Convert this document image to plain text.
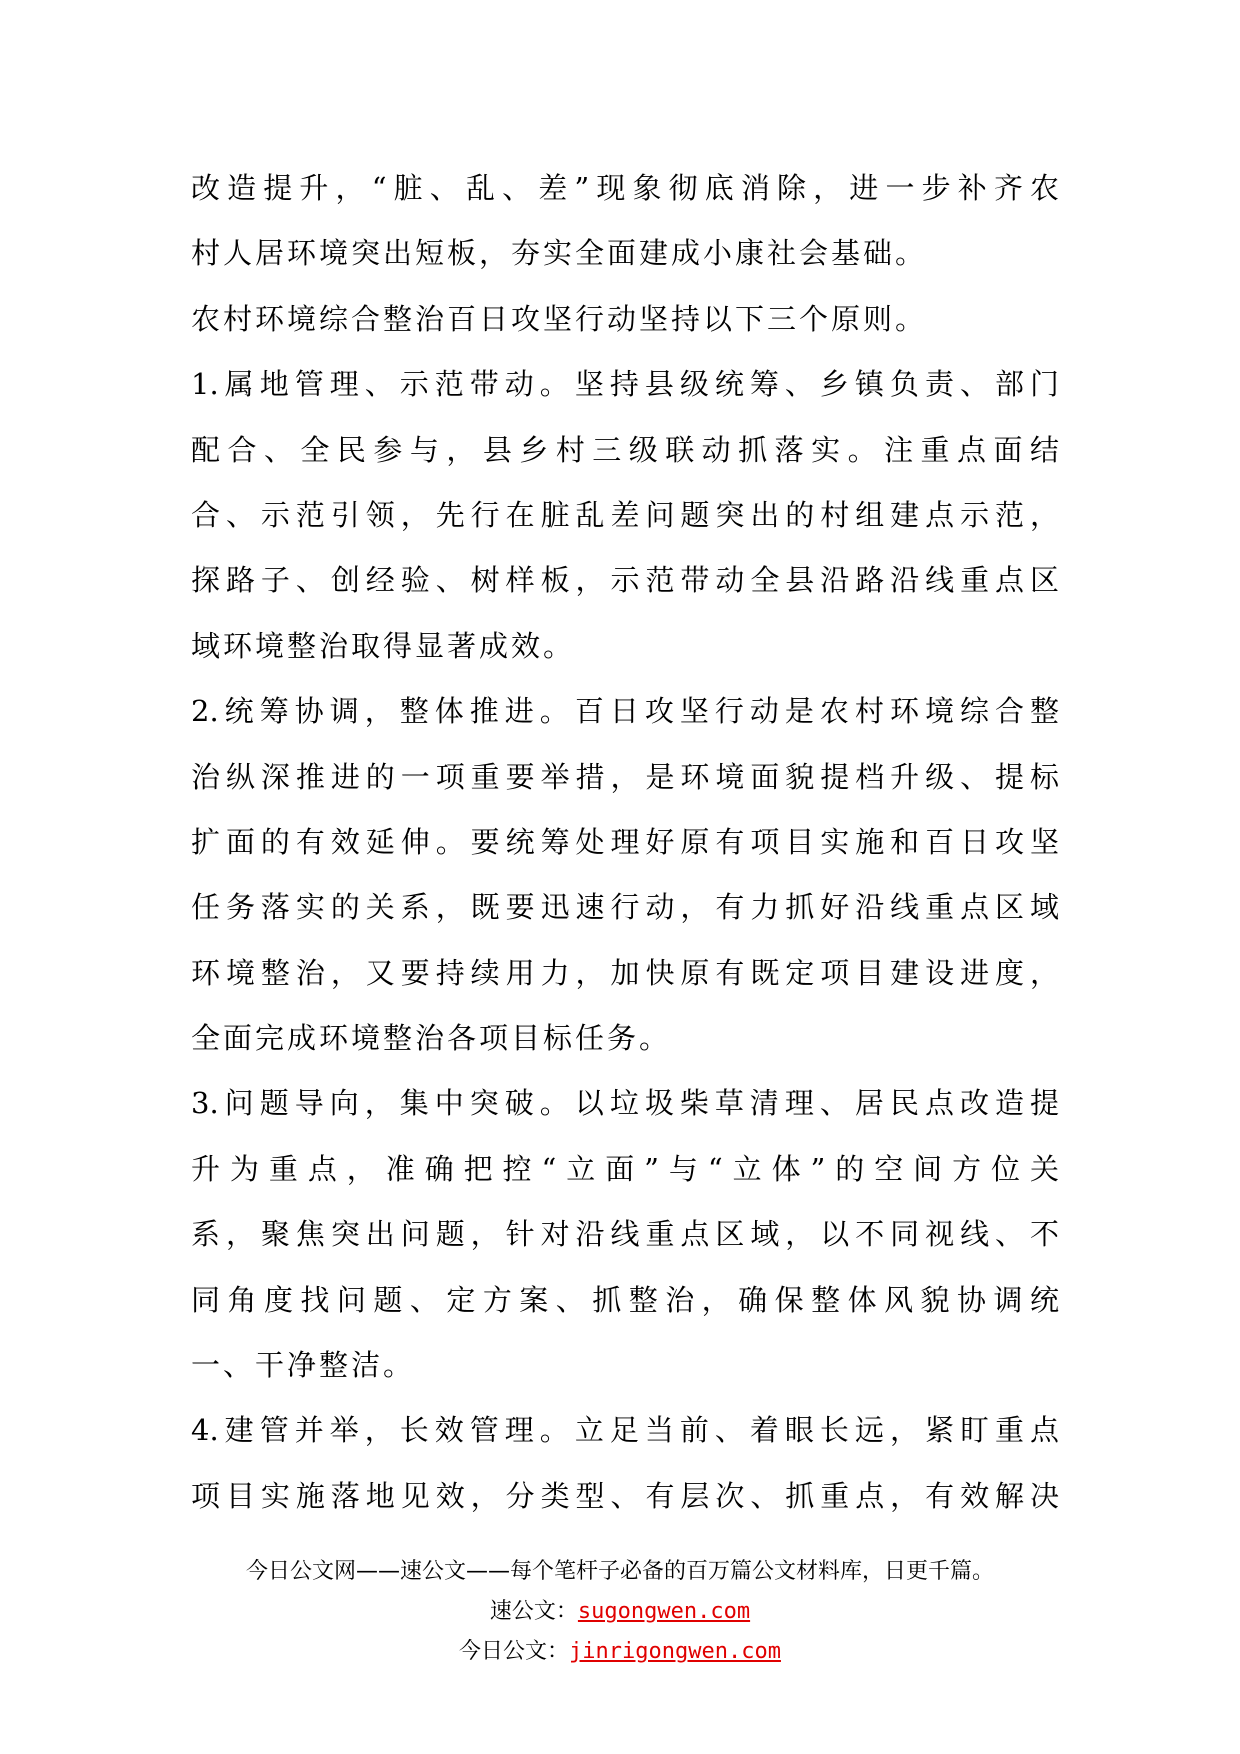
改造提升，“脏、乱、差”现象彻底消除，进一步补齐农
村人居环境突出短板，夯实全面建成小康社会基础。
农村环境综合整治百日攻坚行动坚持以下三个原则。
1.属地管理、示范带动。坚持县级统筹、乡镇负责、部门
配合、全民参与，县乡村三级联动抓落实。注重点面结
合、示范引领，先行在脏乱差问题突出的村组建点示范，
探路子、创经验、树样板，示范带动全县沿路沿线重点区
域环境整治取得显著成效。
2.统筹协调，整体推进。百日攻坚行动是农村环境综合整
治纵深推进的一项重要举措，是环境面貌提档升级、提标
扩面的有效延伸。要统筹处理好原有项目实施和百日攻坚
任务落实的关系，既要迅速行动，有力抓好沿线重点区域
环境整治，又要持续用力，加快原有既定项目建设进度，
全面完成环境整治各项目标任务。
3.问题导向，集中突破。以垃圾柴草清理、居民点改造提
升为重点，准确把控“立面”与“立体”的空间方位关
系，聚焦突出问题，针对沿线重点区域，以不同视线、不
同角度找问题、定方案、抓整治，确保整体风貌协调统
一、干净整洁。
4.建管并举，长效管理。立足当前、着眼长远，紧盯重点
项目实施落地见效，分类型、有层次、抓重点，有效解决
今日公文网——速公文——每个笔杆子必备的百万篇公文材料库，日更千篇。
速公文：sugongwen.com
今日公文：jinrigongwen.com
